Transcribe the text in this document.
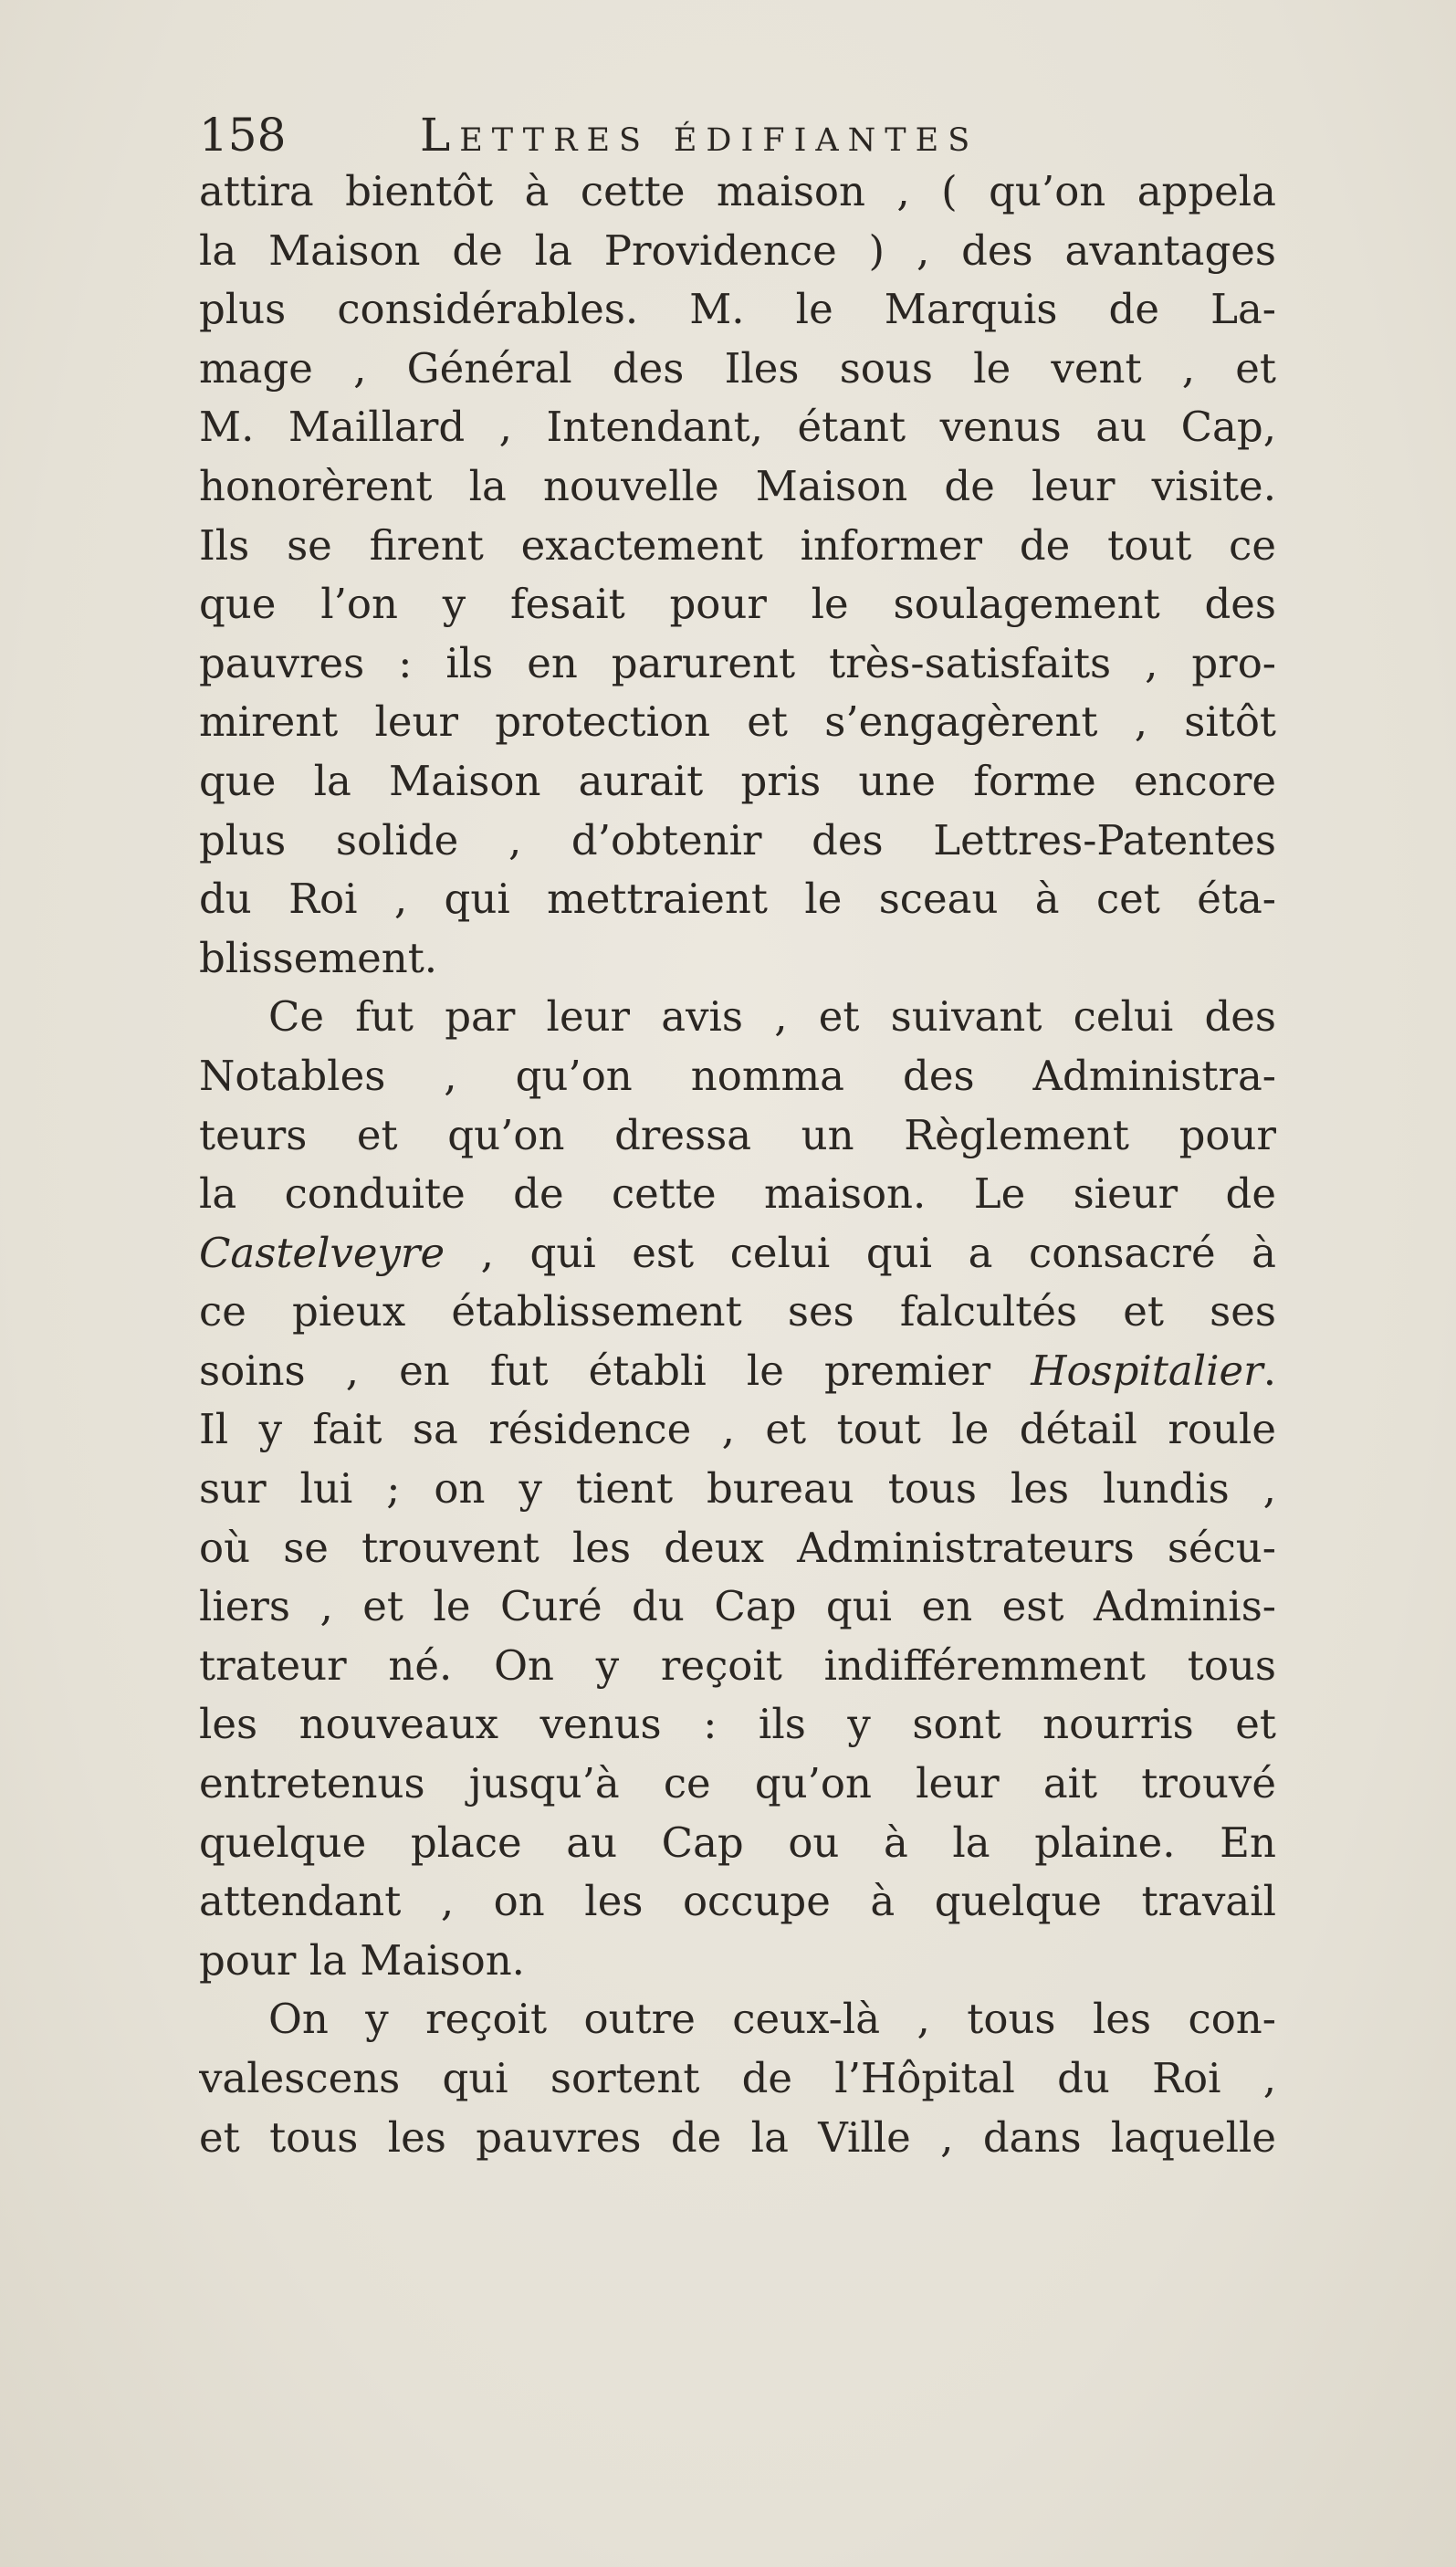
158	Lettres édifiantes
attira bientôt à cette maison , ( qu’on appela
la Maison de la Providence ) , des avantages
plus considérables. M. le Marquis de La-
mage , Général des Iles sous le vent , et
M. Maillard , Intendant, étant venus au Cap,
honorèrent la nouvelle Maison de leur visite.
Ils se firent exactement informer de tout ce
que l’on y fesait pour le soulagement des
pauvres : ils en parurent très-satisfaits , pro-
mirent leur protection et s’engagèrent , sitôt
que la Maison aurait pris une forme encore
plus solide , d’obtenir des Lettres-Patentes
du Roi , qui mettraient le sceau à cet éta-
blissement.
Ce fut par leur avis , et suivant celui des
Notables , qu’on nomma des Administra-
teurs et qu’on dressa un Règlement pour
la conduite de cette maison. Le sieur de
Castelveyre , qui est celui qui a consacré à
ce pieux établissement ses falcultés et ses
soins , en fut établi le premier Hospitalier.
Il y fait sa résidence , et tout le détail roule
sur lui ; on y tient bureau tous les lundis ,
où se trouvent les deux Administrateurs sécu-
liers , et le Curé du Cap qui en est Adminis-
trateur né. On y reçoit indifféremment tous
les nouveaux venus : ils y sont nourris et
entretenus jusqu’à ce qu’on leur ait trouvé
quelque place au Cap ou à la plaine. En
attendant , on les occupe à quelque travail
pour la Maison.
On y reçoit outre ceux-là , tous les con-
valescens qui sortent de l’Hôpital du Roi ,
et tous les pauvres de la Ville , dans laquelle
